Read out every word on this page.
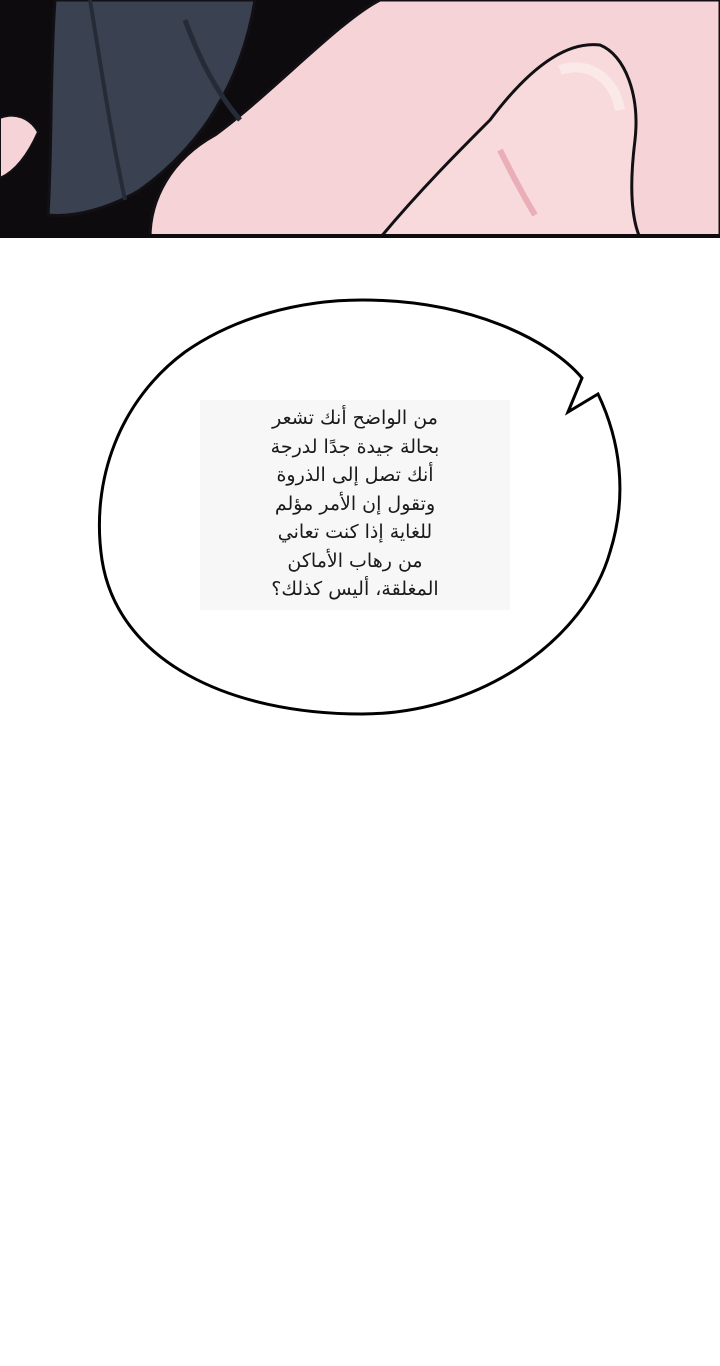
من الواضح أنك تشعر
بحالة جيدة جدًا لدرجة
أنك تصل إلى الذروة
وتقول إن الأمر مؤلم
للغاية إذا كنت تعاني
من رهاب الأماكن
المغلقة، أليس كذلك؟
